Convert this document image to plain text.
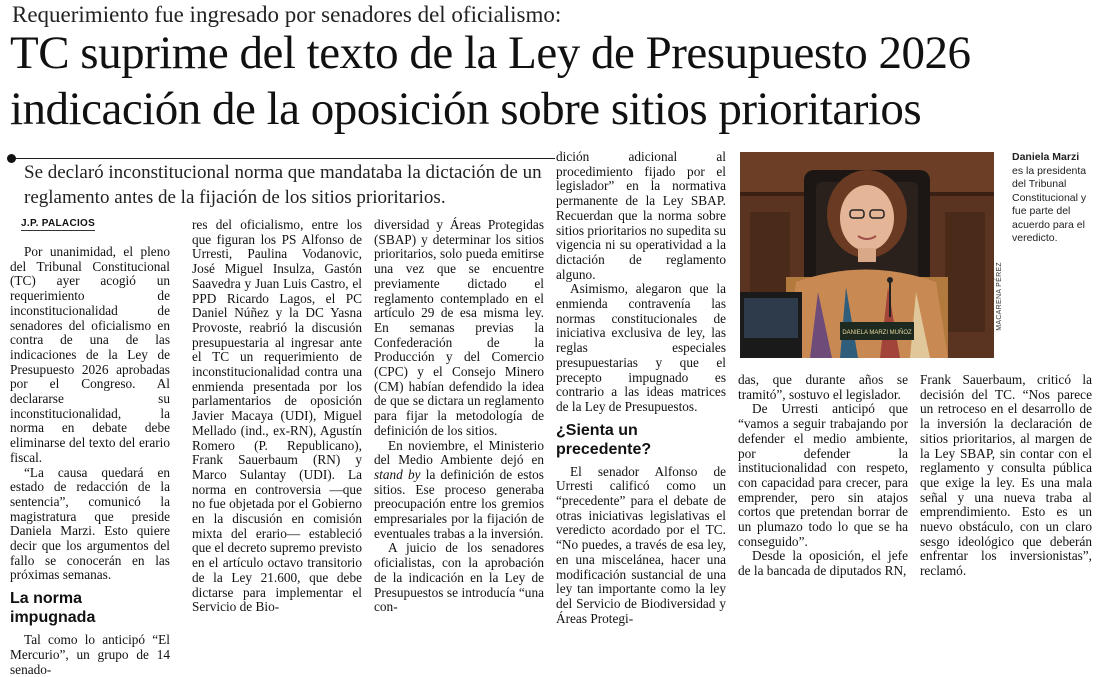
Requerimiento fue ingresado por senadores del oficialismo:
TC suprime del texto de la Ley de Presupuesto 2026
indicación de la oposición sobre sitios prioritarios

Se declaró inconstitucional norma que mandataba la dictación de un reglamento antes de la fijación de los sitios prioritarios.

J.P. PALACIOS

Por unanimidad, el pleno del Tribunal Constitucional (TC) ayer acogió un requerimiento de inconstitucionalidad de senadores del oficialismo en contra de una de las indicaciones de la Ley de Presupuesto 2026 aprobadas por el Congreso. Al declararse su inconstitucionalidad, la norma en debate debe eliminarse del texto del erario fiscal.

“La causa quedará en estado de redacción de la sentencia”, comunicó la magistratura que preside Daniela Marzi. Esto quiere decir que los argumentos del fallo se conocerán en las próximas semanas.

La norma impugnada

Tal como lo anticipó “El Mercurio”, un grupo de 14 senado-

res del oficialismo, entre los que figuran los PS Alfonso de Urresti, Paulina Vodanovic, José Miguel Insulza, Gastón Saavedra y Juan Luis Castro, el PPD Ricardo Lagos, el PC Daniel Núñez y la DC Yasna Provoste, reabrió la discusión presupuestaria al ingresar ante el TC un requerimiento de inconstitucionalidad contra una enmienda presentada por los parlamentarios de oposición Javier Macaya (UDI), Miguel Mellado (ind., ex-RN), Agustín Romero (P. Republicano), Frank Sauerbaum (RN) y Marco Sulantay (UDI). La norma en controversia —que no fue objetada por el Gobierno en la discusión en comisión mixta del erario— estableció que el decreto supremo previsto en el artículo octavo transitorio de la Ley 21.600, que debe dictarse para implementar el Servicio de Bio-

diversidad y Áreas Protegidas (SBAP) y determinar los sitios prioritarios, solo pueda emitirse una vez que se encuentre previamente dictado el reglamento contemplado en el artículo 29 de esa misma ley. En semanas previas la Confederación de la Producción y del Comercio (CPC) y el Consejo Minero (CM) habían defendido la idea de que se dictara un reglamento para fijar la metodología de definición de los sitios.

En noviembre, el Ministerio del Medio Ambiente dejó en stand by la definición de estos sitios. Ese proceso generaba preocupación entre los gremios empresariales por la fijación de eventuales trabas a la inversión.

A juicio de los senadores oficialistas, con la aprobación de la indicación en la Ley de Presupuestos se introducía “una con-

dición adicional al procedimiento fijado por el legislador” en la normativa permanente de la Ley SBAP. Recuerdan que la norma sobre sitios prioritarios no supedita su vigencia ni su operatividad a la dictación de reglamento alguno.

Asimismo, alegaron que la enmienda contravenía las normas constitucionales de iniciativa exclusiva de ley, las reglas especiales presupuestarias y que el precepto impugnado es contrario a las ideas matrices de la Ley de Presupuestos.

¿Sienta un precedente?

El senador Alfonso de Urresti calificó como un “precedente” para el debate de otras iniciativas legislativas el veredicto acordado por el TC. “No puedes, a través de esa ley, en una miscelánea, hacer una modificación sustancial de una ley tan importante como la ley del Servicio de Biodiversidad y Áreas Protegi-

DANIELA MARZI MUÑOZ
MACARENA PÉREZ

Daniela Marzi
es la presidenta del Tribunal Constitucional y fue parte del acuerdo para el veredicto.

das, que durante años se tramitó”, sostuvo el legislador.

De Urresti anticipó que “vamos a seguir trabajando por defender el medio ambiente, por defender la institucionalidad con respeto, con capacidad para crecer, para emprender, pero sin atajos cortos que pretendan borrar de un plumazo todo lo que se ha conseguido”.

Desde la oposición, el jefe de la bancada de diputados RN,

Frank Sauerbaum, criticó la decisión del TC. “Nos parece un retroceso en el desarrollo de la inversión la declaración de sitios prioritarios, al margen de la Ley SBAP, sin contar con el reglamento y consulta pública que exige la ley. Es una mala señal y una nueva traba al emprendimiento. Esto es un nuevo obstáculo, con un claro sesgo ideológico que deberán enfrentar los inversionistas”, reclamó.
